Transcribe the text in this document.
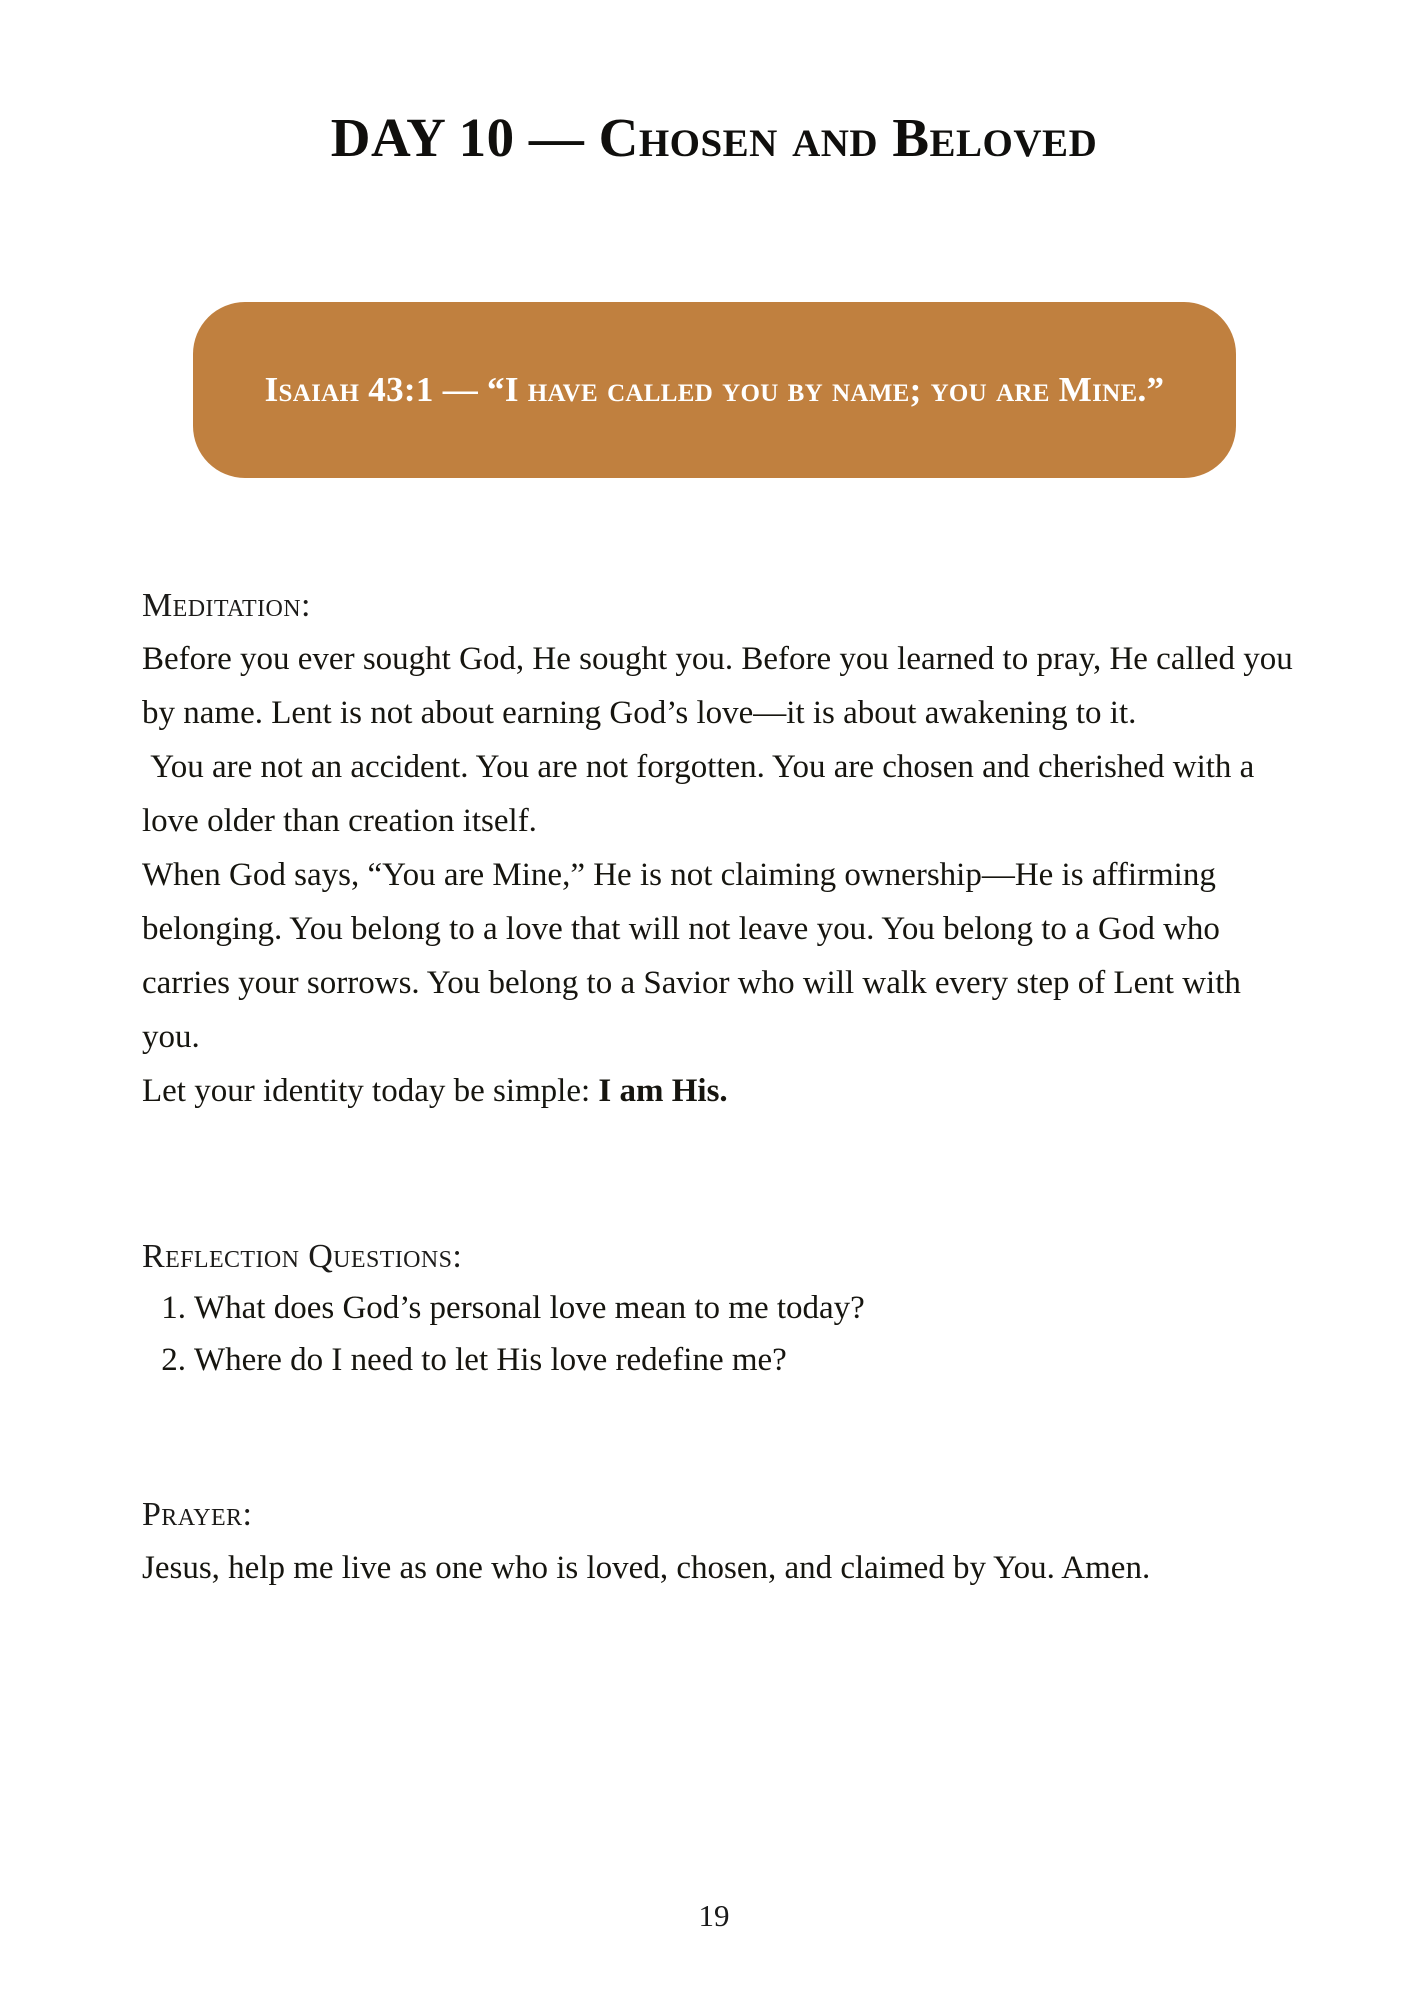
DAY 10 — Chosen and Beloved
Isaiah 43:1 — “I have called you by name; you are Mine.”
Meditation:

Before you ever sought God, He sought you. Before you learned to pray, He called you by name. Lent is not about earning God’s love—it is about awakening to it.

You are not an accident. You are not forgotten. You are chosen and cherished with a love older than creation itself.

When God says, “You are Mine,” He is not claiming ownership—He is affirming belonging. You belong to a love that will not leave you. You belong to a God who carries your sorrows. You belong to a Savior who will walk every step of Lent with you.

Let your identity today be simple: I am His.

Reflection Questions:
1. What does God’s personal love mean to me today?
2. Where do I need to let His love redefine me?
Prayer:

Jesus, help me live as one who is loved, chosen, and claimed by You. Amen.

19
